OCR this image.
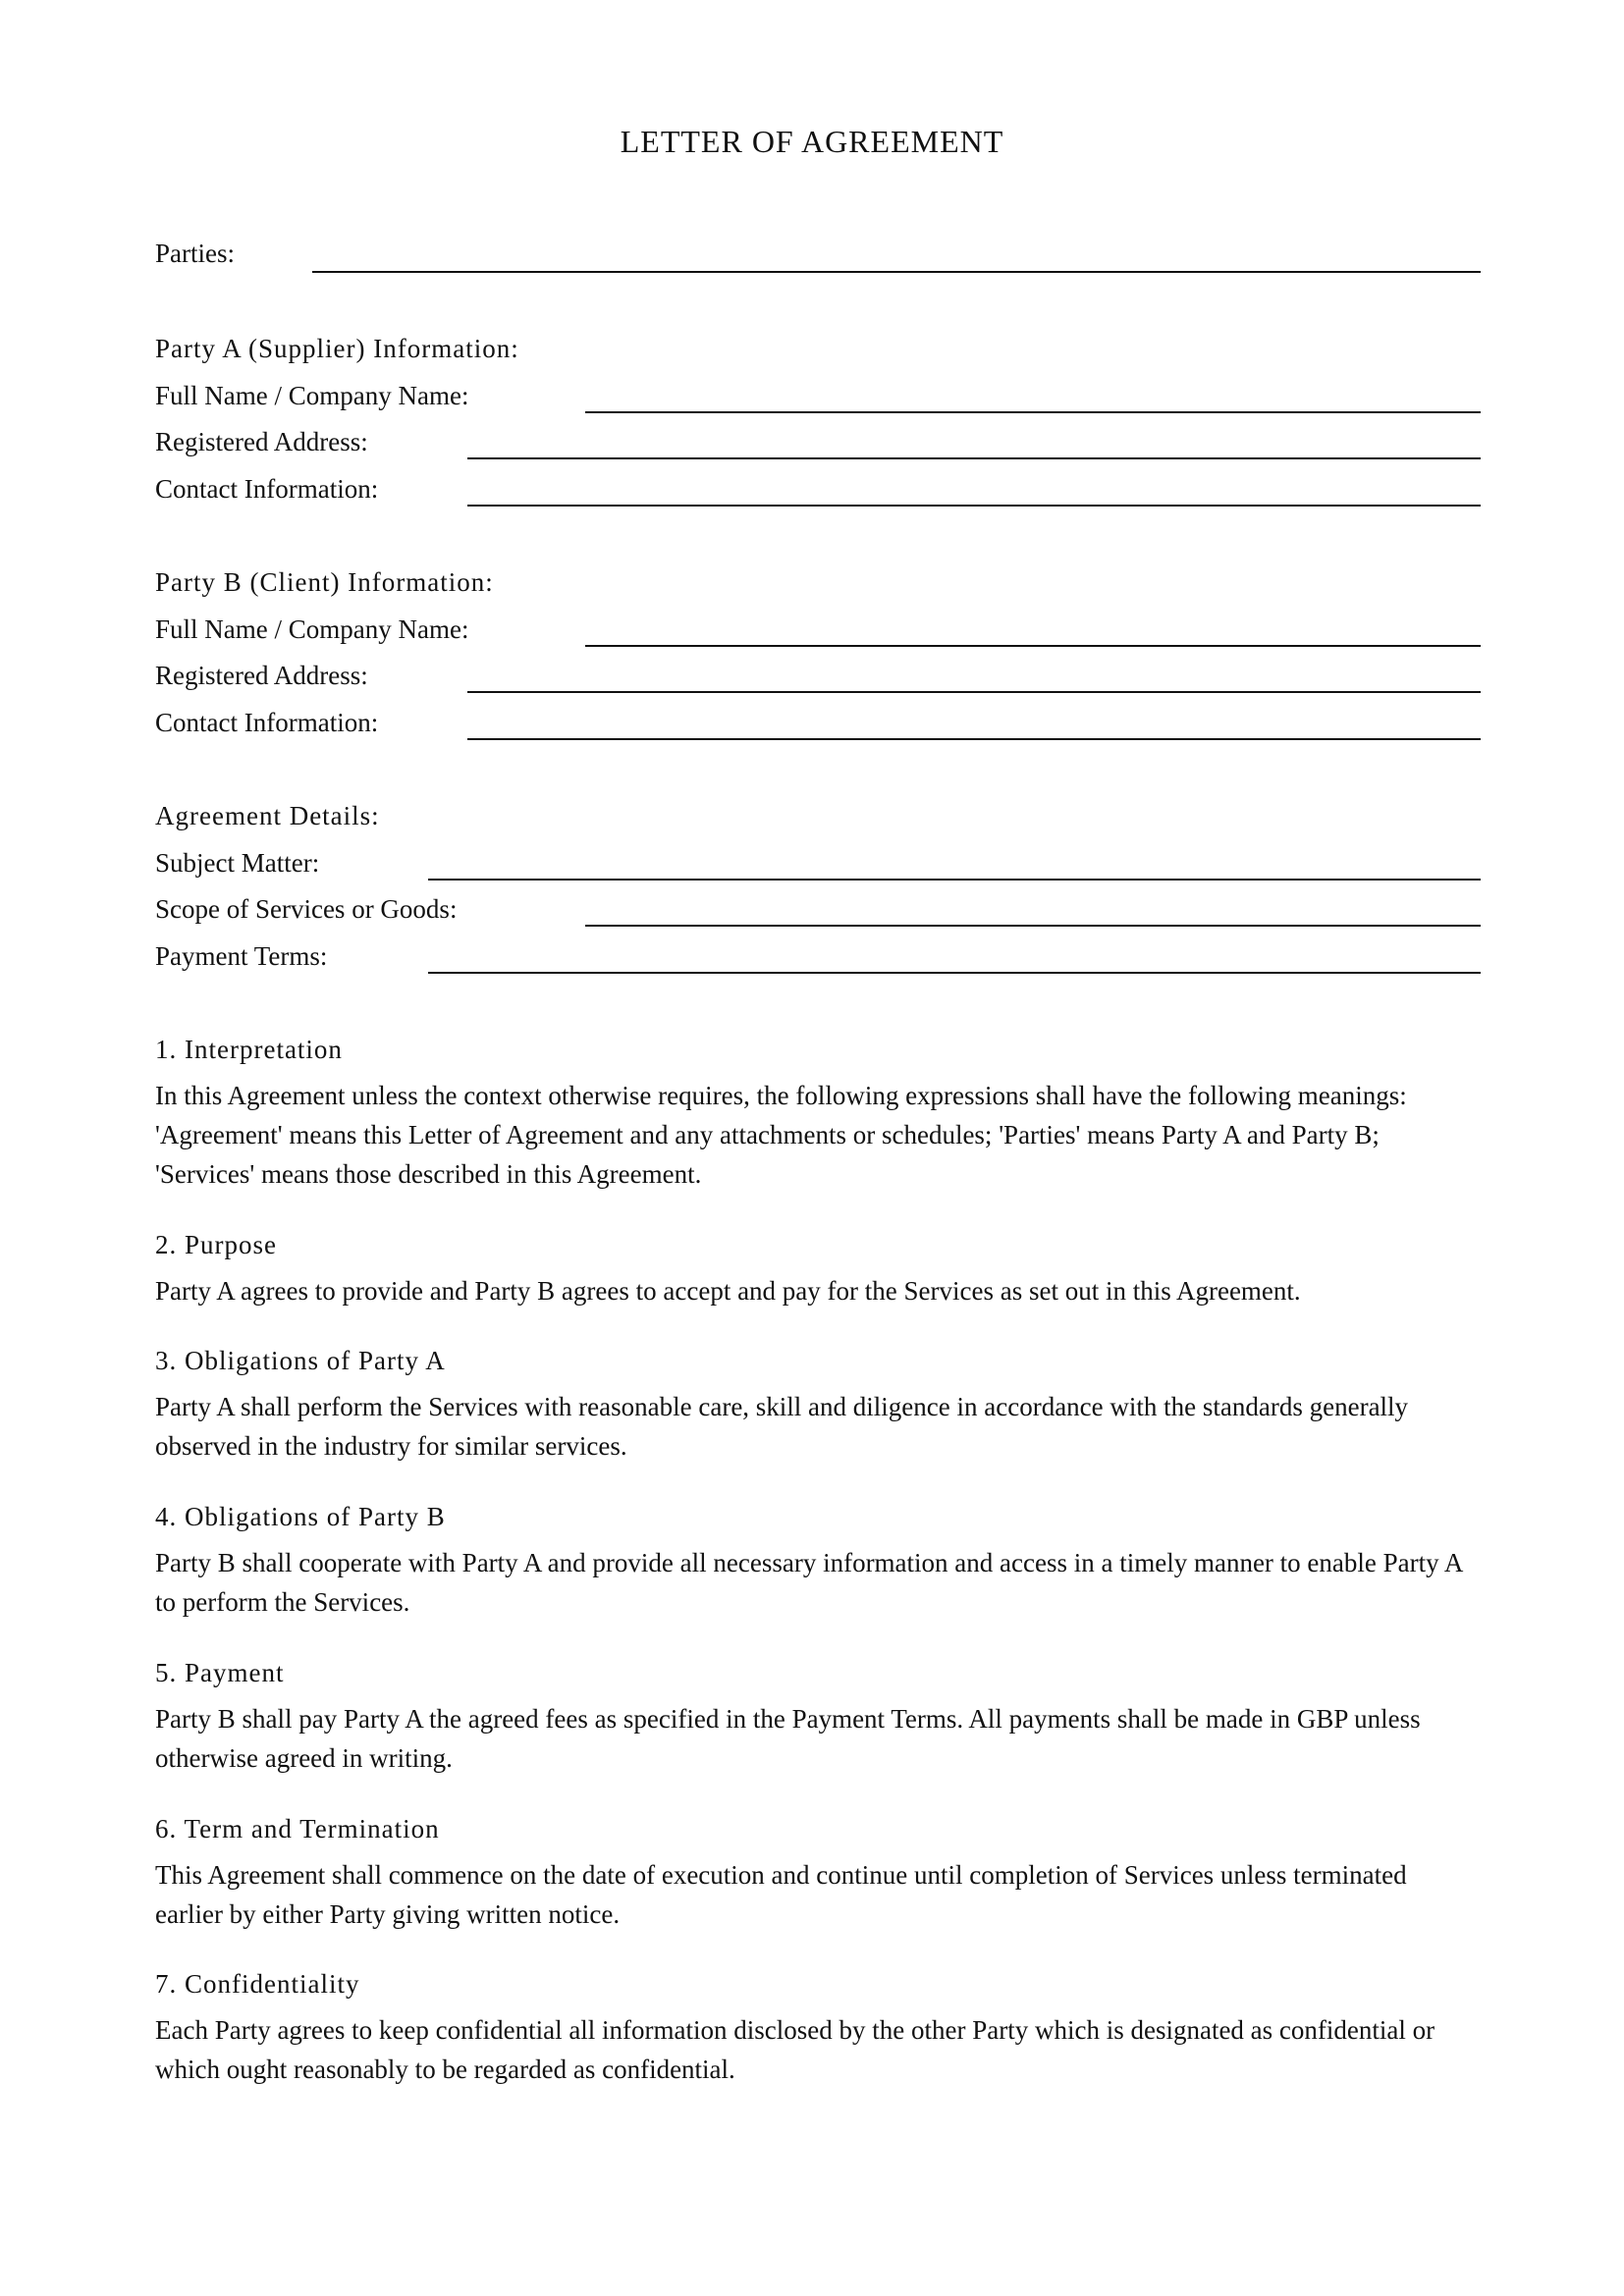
LETTER OF AGREEMENT
Parties:
Party A (Supplier) Information:
Full Name / Company Name:
Registered Address:
Contact Information:
Party B (Client) Information:
Full Name / Company Name:
Registered Address:
Contact Information:
Agreement Details:
Subject Matter:
Scope of Services or Goods:
Payment Terms:
1. Interpretation
In this Agreement unless the context otherwise requires, the following expressions shall have the following meanings: 'Agreement' means this Letter of Agreement and any attachments or schedules; 'Parties' means Party A and Party B; 'Services' means those described in this Agreement.
2. Purpose
Party A agrees to provide and Party B agrees to accept and pay for the Services as set out in this Agreement.
3. Obligations of Party A
Party A shall perform the Services with reasonable care, skill and diligence in accordance with the standards generally observed in the industry for similar services.
4. Obligations of Party B
Party B shall cooperate with Party A and provide all necessary information and access in a timely manner to enable Party A to perform the Services.
5. Payment
Party B shall pay Party A the agreed fees as specified in the Payment Terms. All payments shall be made in GBP unless otherwise agreed in writing.
6. Term and Termination
This Agreement shall commence on the date of execution and continue until completion of Services unless terminated earlier by either Party giving written notice.
7. Confidentiality
Each Party agrees to keep confidential all information disclosed by the other Party which is designated as confidential or which ought reasonably to be regarded as confidential.
